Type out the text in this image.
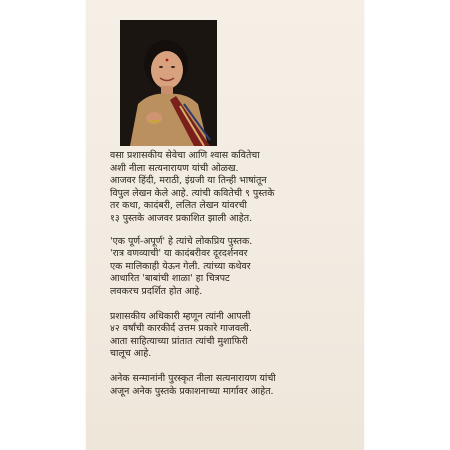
वसा प्रशासकीय सेवेचा आणि श्वास कवितेचा
अशी नीला सत्यनारायण यांची ओळख.
आजवर हिंदी, मराठी, इंग्रजी या तिन्ही भाषांतून
विपुल लेखन केले आहे. त्यांची कवितेची ९ पुस्तके
तर कथा, कादंबरी, ललित लेखन यांवरची
१३ पुस्तके आजवर प्रकाशित झाली आहेत.

'एक पूर्ण-अपूर्ण' हे त्यांचे लोकप्रिय पुस्तक.
'रात्र वणव्याची' या कादंबरीवर दूरदर्शनवर
एक मालिकाही येऊन गेली. त्यांच्या कथेवर
आधारित 'बाबांची शाळा' हा चित्रपट
लवकरच प्रदर्शित होत आहे.

प्रशासकीय अधिकारी म्हणून त्यांनी आपली
४२ वर्षांची कारकीर्द उत्तम प्रकारे गाजवली.
आता साहित्याच्या प्रांतात त्यांची मुशाफिरी
चालूच आहे.

अनेक सन्मानांनी पुरस्कृत नीला सत्यनारायण यांची
अजून अनेक पुस्तके प्रकाशनाच्या मार्गावर आहेत.
